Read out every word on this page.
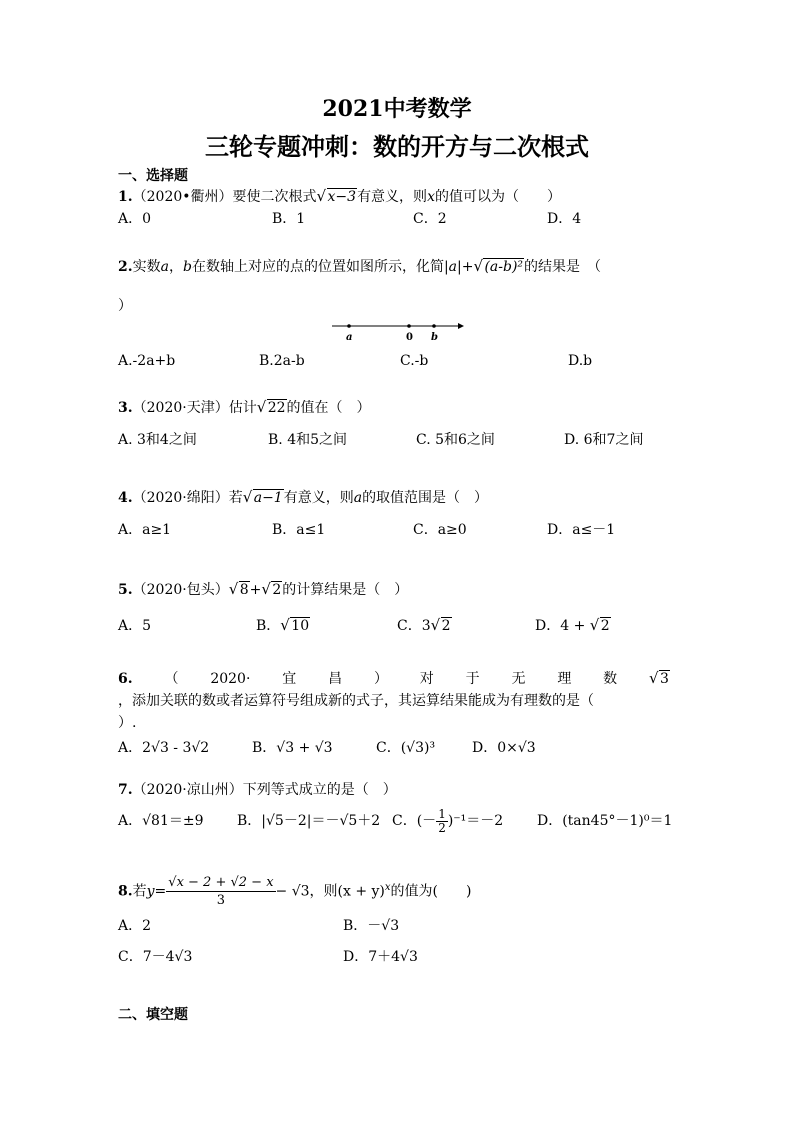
2021中考数学
三轮专题冲刺：数的开方与二次根式
一、选择题
1.（2020•衢州）要使二次根式 √ x−3有意义，则x的值可以为（　　）
A．0	B．1	C．2	D．4
2.实数a，b在数轴上对应的点的位置如图所示，化简|a|+ √ (a-b)²的结果是　（
）
a	0 b
A.-2a+b	B.2a-b	C.-b	D.b
3.（2020·天津）估计 √ 22的值在（　）
A. 3和4之间	B. 4和5之间	C. 5和6之间	D. 6和7之间
4.（2020·绵阳）若 √ a−1有意义，则a的取值范围是（　）
A．a≥1	B．a≤1	C．a≥0	D．a≤－1
5.（2020·包头） √ 8+ √ 2的计算结果是（　）
A．5	B． √ 10	C．3 √ 2	D．4 + √ 2
6. （ 2020· 宜 昌 ） 对 于 无 理 数	√ 3
，添加关联的数或者运算符号组成新的式子，其运算结果能成为有理数的是（
）.
A．2√3 - 3√2	B．√3 + √3	C．(√3)³	D．0×√3
7.（2020·凉山州）下列等式成立的是（　）
A．√81＝±9 B．|√5－2|＝－√5＋2 C．(－ $\frac{1}{2} )^{-1}=-2$ D．(tan45°－1)⁰＝1
8.若$y= \frac{√x - 2 + √2 - x}{3} - √3$，则$(x + y)^x$的值为(　　)
A．2	B．－√3
C．7－4√3	D．7＋4√3
二、填空题
